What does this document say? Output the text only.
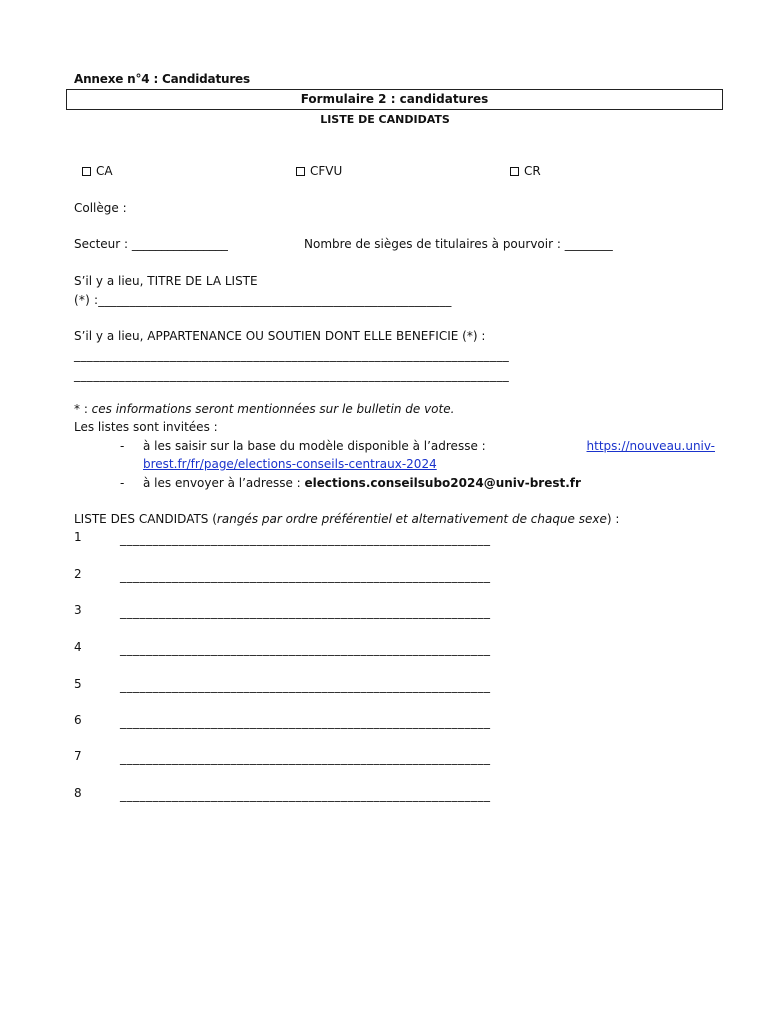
Annexe n°4 : Candidatures
Formulaire 2 : candidatures
LISTE DE CANDIDATS
CA	CFVU	CR
Collège :
Secteur : ________________	Nombre de sièges de titulaires à pourvoir : ________
S’il y a lieu, TITRE DE LA LISTE
(*) :_________________________________________________________
S’il y a lieu, APPARTENANCE OU SOUTIEN DONT ELLE BENEFICIE (*) :
____________________________________________________________________
____________________________________________________________________
* : ces informations seront mentionnées sur le bulletin de vote.
Les listes sont invitées :
- à les saisir sur la base du modèle disponible à l’adresse :	https://nouveau.univ-
brest.fr/fr/page/elections-conseils-centraux-2024
- à les envoyer à l’adresse : elections.conseilsubo2024@univ-brest.fr
LISTE DES CANDIDATS (rangés par ordre préférentiel et alternativement de chaque sexe) :
1	_________________________________________________________
2	_________________________________________________________
3	_________________________________________________________
4	_________________________________________________________
5	_________________________________________________________
6	_________________________________________________________
7	_________________________________________________________
8	_________________________________________________________
